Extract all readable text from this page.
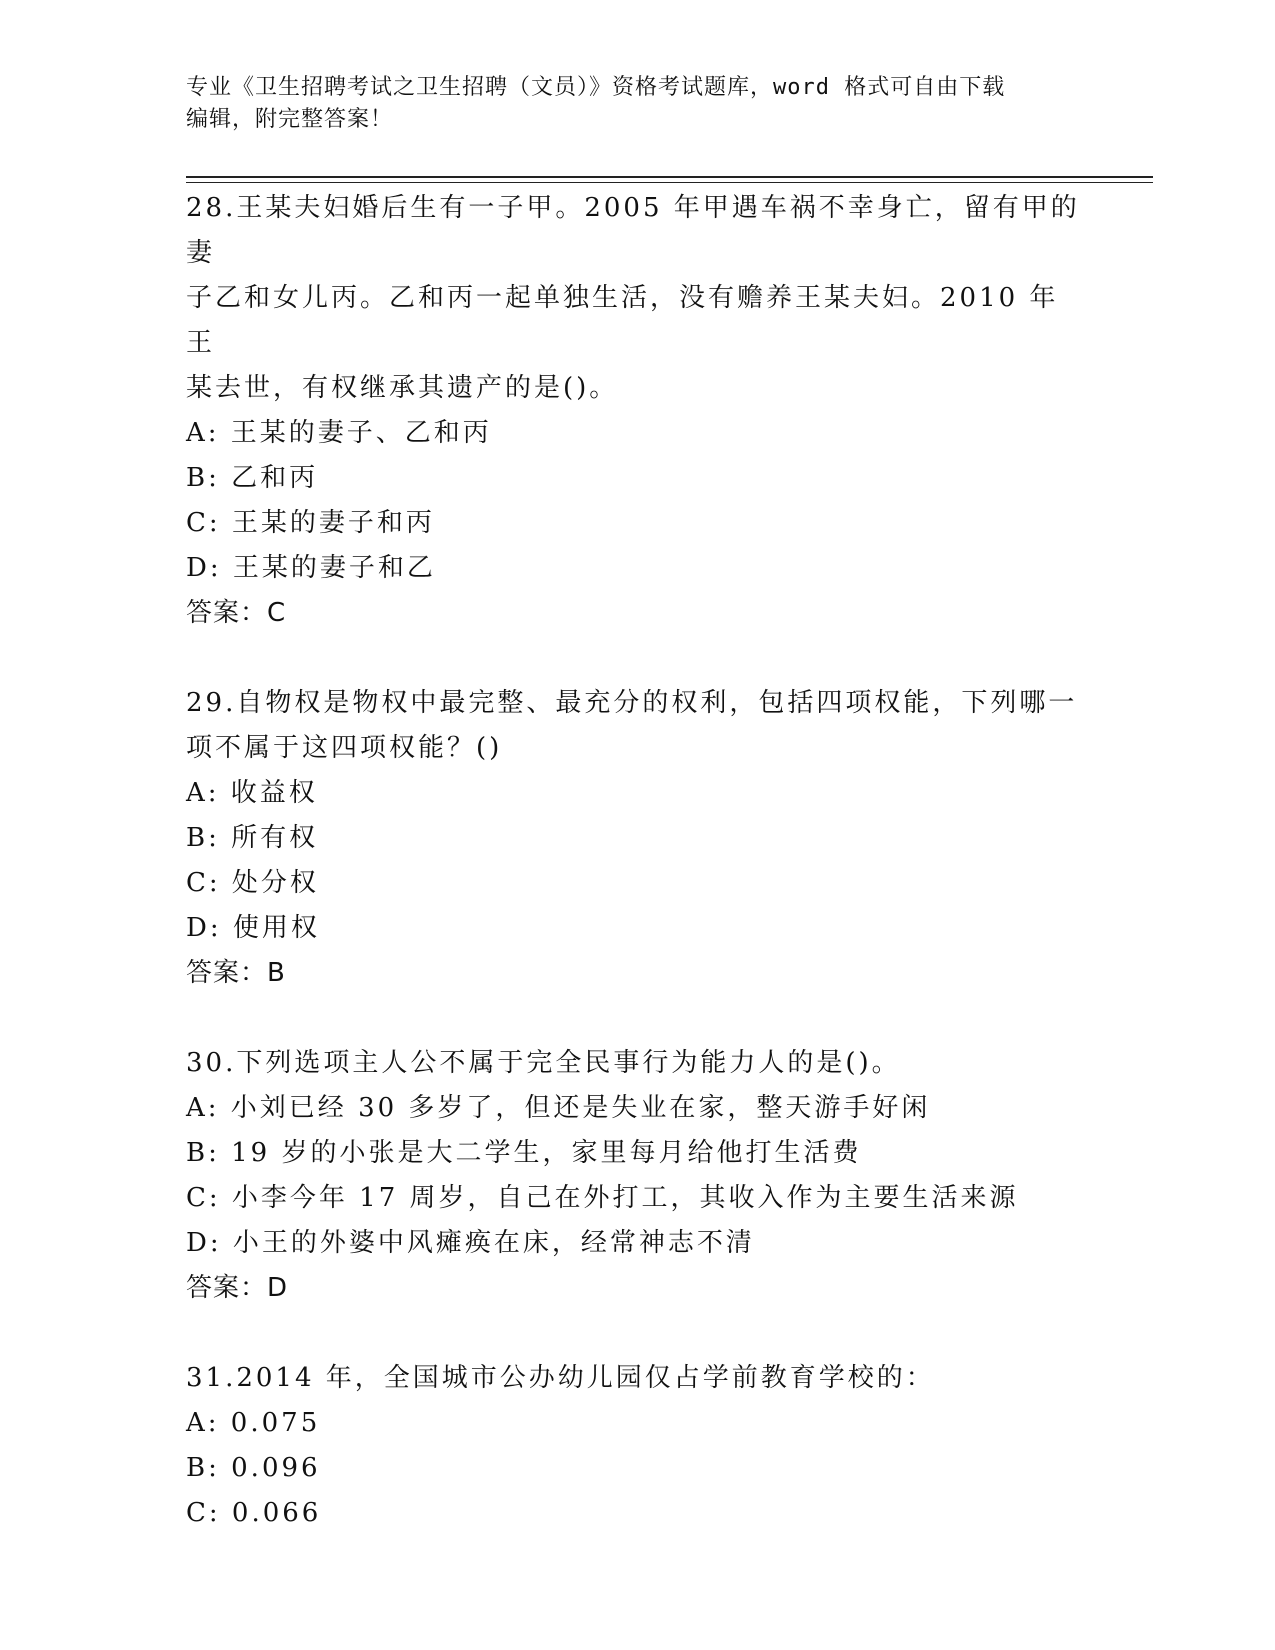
专业《卫生招聘考试之卫生招聘（文员）》资格考试题库，word 格式可自由下载
编辑，附完整答案！
28.王某夫妇婚后生有一子甲。2005 年甲遇车祸不幸身亡，留有甲的妻
子乙和女儿丙。乙和丙一起单独生活，没有赡养王某夫妇。2010 年王
某去世，有权继承其遗产的是()。
A: 王某的妻子、乙和丙
B: 乙和丙
C: 王某的妻子和丙
D: 王某的妻子和乙
答案：C
29.自物权是物权中最完整、最充分的权利，包括四项权能，下列哪一
项不属于这四项权能？()
A: 收益权
B: 所有权
C: 处分权
D: 使用权
答案：B
30.下列选项主人公不属于完全民事行为能力人的是()。
A: 小刘已经 30 多岁了，但还是失业在家，整天游手好闲
B: 19 岁的小张是大二学生，家里每月给他打生活费
C: 小李今年 17 周岁，自己在外打工，其收入作为主要生活来源
D: 小王的外婆中风瘫痪在床，经常神志不清
答案：D
31.2014 年，全国城市公办幼儿园仅占学前教育学校的：
A: 0.075
B: 0.096
C: 0.066
